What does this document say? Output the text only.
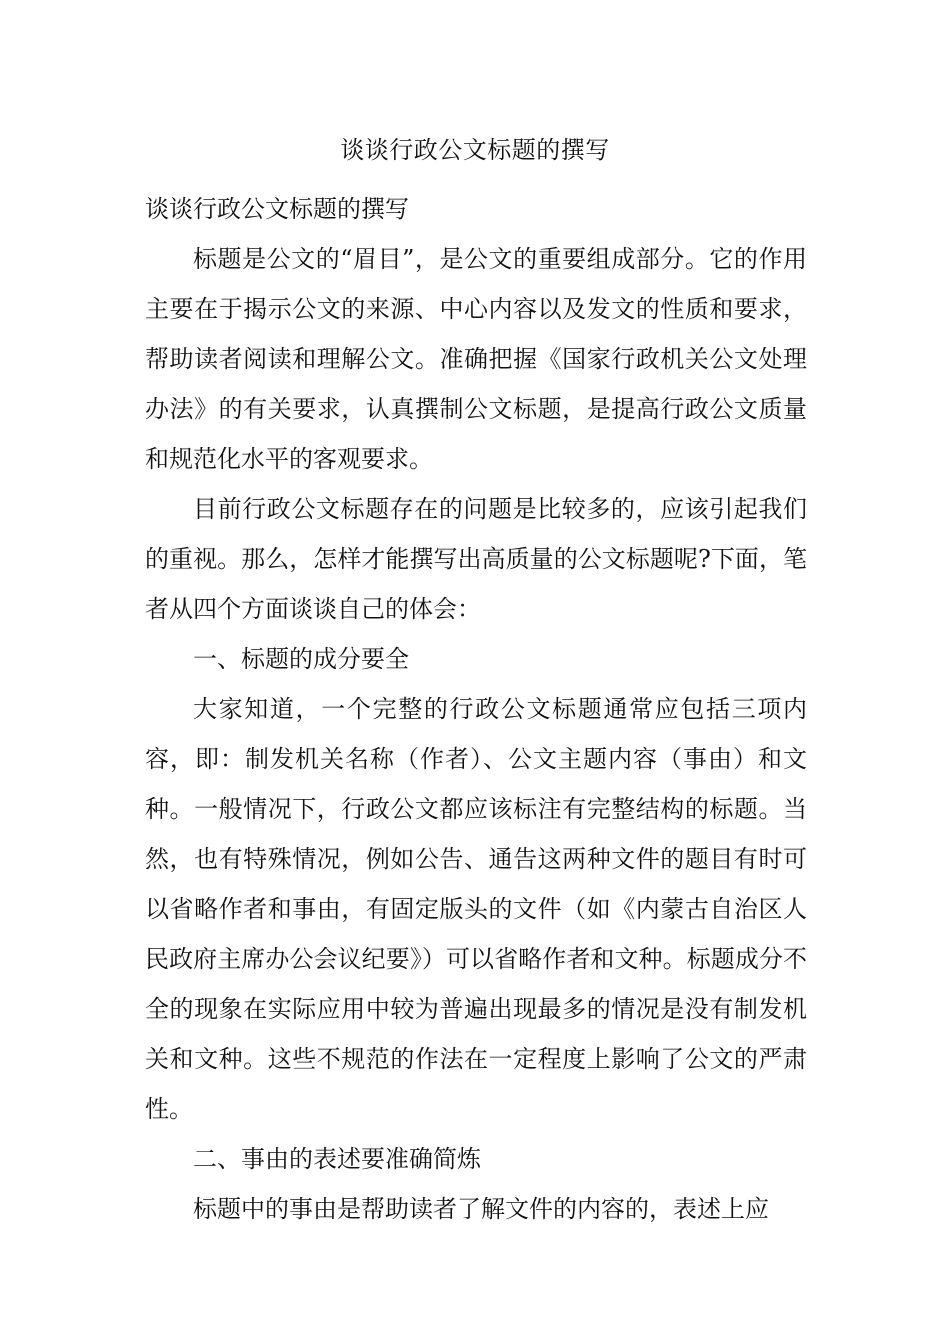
谈谈行政公文标题的撰写

谈谈行政公文标题的撰写

标题是公文的“眉目”，是公文的重要组成部分。它的作用主要在于揭示公文的来源、中心内容以及发文的性质和要求，帮助读者阅读和理解公文。准确把握《国家行政机关公文处理办法》的有关要求，认真撰制公文标题，是提高行政公文质量和规范化水平的客观要求。

目前行政公文标题存在的问题是比较多的，应该引起我们的重视。那么，怎样才能撰写出高质量的公文标题呢?下面，笔者从四个方面谈谈自己的体会：

一、标题的成分要全

大家知道，一个完整的行政公文标题通常应包括三项内容，即：制发机关名称（作者）、公文主题内容（事由）和文种。一般情况下，行政公文都应该标注有完整结构的标题。当然，也有特殊情况，例如公告、通告这两种文件的题目有时可以省略作者和事由，有固定版头的文件（如《内蒙古自治区人民政府主席办公会议纪要》）可以省略作者和文种。标题成分不全的现象在实际应用中较为普遍出现最多的情况是没有制发机关和文种。这些不规范的作法在一定程度上影响了公文的严肃性。

二、事由的表述要准确简炼

标题中的事由是帮助读者了解文件的内容的，表述上应
